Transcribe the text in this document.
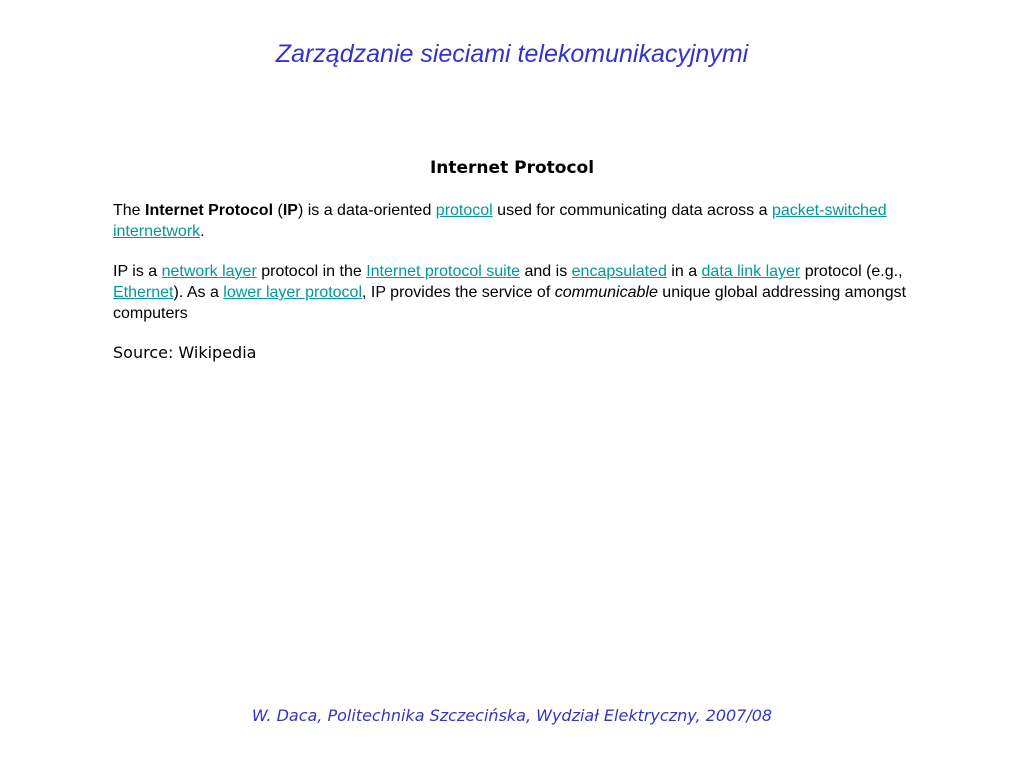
Zarządzanie sieciami telekomunikacyjnymi
Internet Protocol
The Internet Protocol (IP) is a data-oriented protocol used for communicating data across a packet-switched internetwork.
IP is a network layer protocol in the Internet protocol suite and is encapsulated in a data link layer protocol (e.g., Ethernet). As a lower layer protocol, IP provides the service of communicable unique global addressing amongst computers
Source: Wikipedia
W. Daca, Politechnika Szczecińska, Wydział Elektryczny, 2007/08
